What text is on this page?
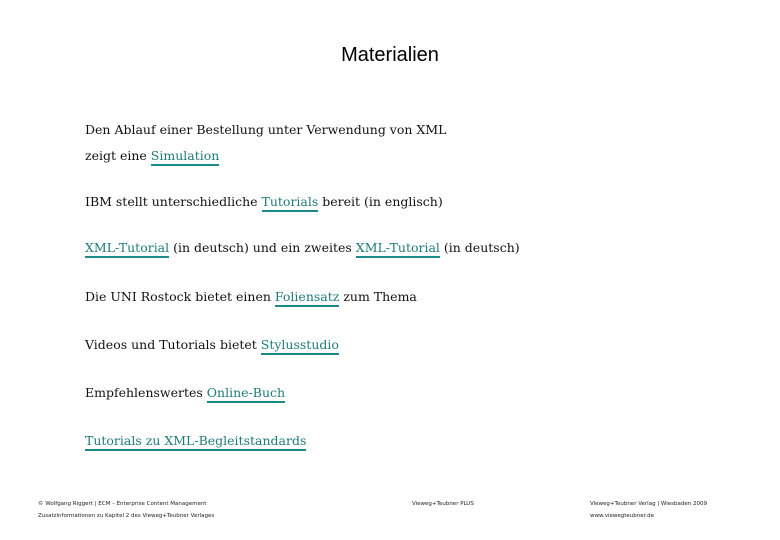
Materialien
Den Ablauf einer Bestellung unter Verwendung von XML
zeigt eine Simulation
IBM stellt unterschiedliche Tutorials bereit (in englisch)
XML-Tutorial (in deutsch) und ein zweites XML-Tutorial (in deutsch)
Die UNI Rostock bietet einen Foliensatz zum Thema
Videos und Tutorials bietet Stylusstudio
Empfehlenswertes Online-Buch
Tutorials zu XML-Begleitstandards
© Wolfgang Riggert | ECM – Enterprise Content Management
Zusatzinformationen zu Kapitel 2 des Vieweg+Teubner Verlages
Vieweg+Teubner PLUS	Vieweg+Teubner Verlag | Wiesbaden 2009
www.viewegteubner.de
